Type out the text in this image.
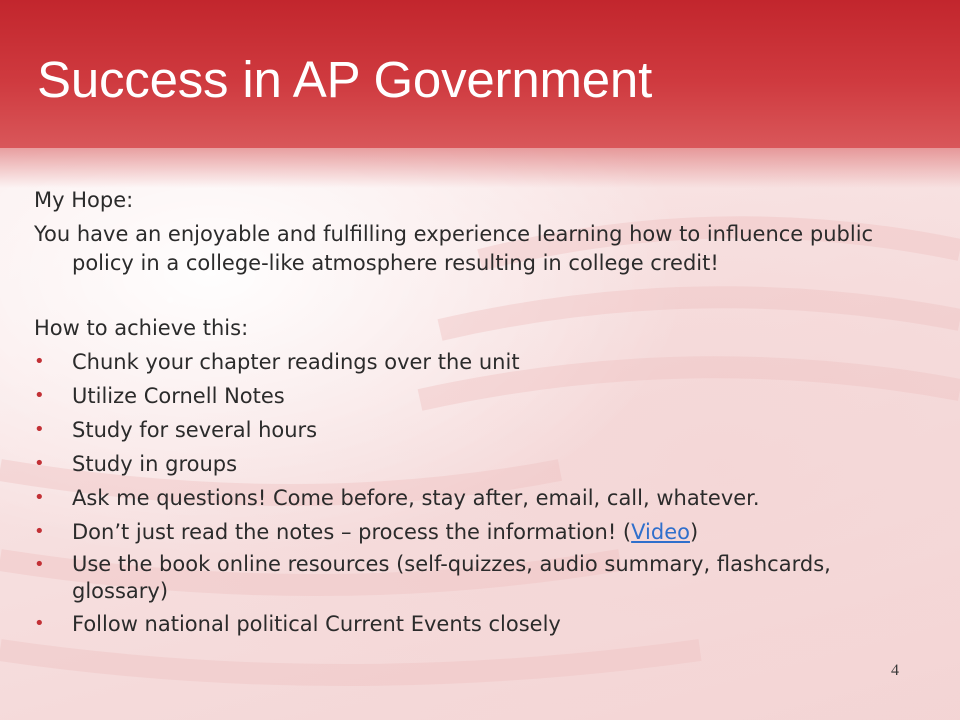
Success in AP Government

My Hope:

You have an enjoyable and fulfilling experience learning how to influence public policy in a college-like atmosphere resulting in college credit!

How to achieve this:

• Chunk your chapter readings over the unit
• Utilize Cornell Notes
• Study for several hours
• Study in groups
• Ask me questions! Come before, stay after, email, call, whatever.
• Don’t just read the notes – process the information! (Video)
• Use the book online resources (self-quizzes, audio summary, flashcards, glossary)
• Follow national political Current Events closely
4
